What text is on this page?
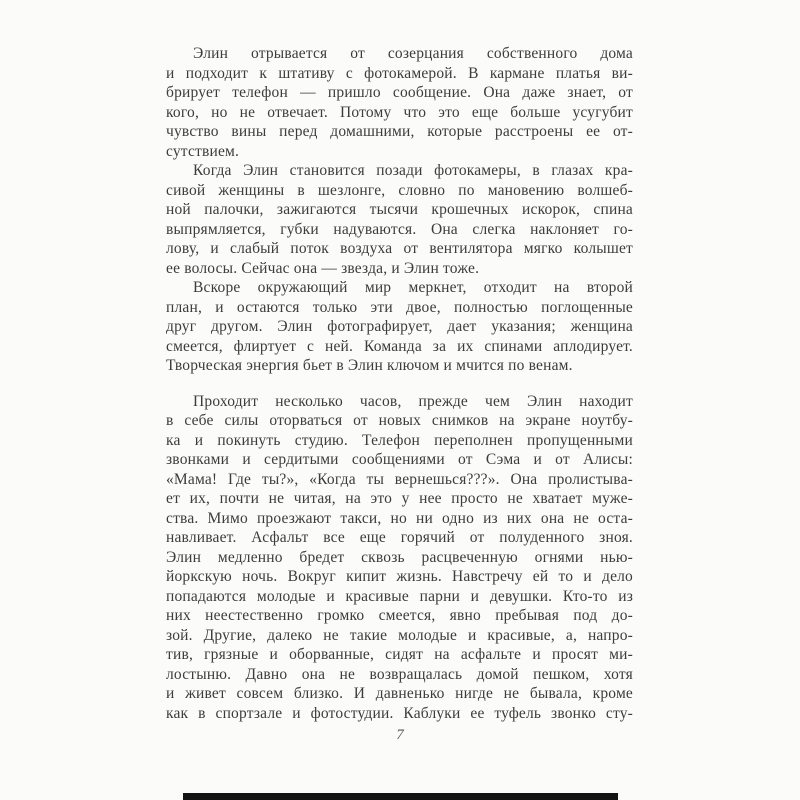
Элин отрывается от созерцания собственного дома
и подходит к штативу с фотокамерой. В кармане платья ви-
брирует телефон — пришло сообщение. Она даже знает, от
кого, но не отвечает. Потому что это еще больше усугубит
чувство вины перед домашними, которые расстроены ее от-
сутствием.
Когда Элин становится позади фотокамеры, в глазах кра-
сивой женщины в шезлонге, словно по мановению волшеб-
ной палочки, зажигаются тысячи крошечных искорок, спина
выпрямляется, губки надуваются. Она слегка наклоняет го-
лову, и слабый поток воздуха от вентилятора мягко колышет
ее волосы. Сейчас она — звезда, и Элин тоже.
Вскоре окружающий мир меркнет, отходит на второй
план, и остаются только эти двое, полностью поглощенные
друг другом. Элин фотографирует, дает указания; женщина
смеется, флиртует с ней. Команда за их спинами аплодирует.
Творческая энергия бьет в Элин ключом и мчится по венам.
Проходит несколько часов, прежде чем Элин находит
в себе силы оторваться от новых снимков на экране ноутбу-
ка и покинуть студию. Телефон переполнен пропущенными
звонками и сердитыми сообщениями от Сэма и от Алисы:
«Мама! Где ты?», «Когда ты вернешься???». Она пролистыва-
ет их, почти не читая, на это у нее просто не хватает муже-
ства. Мимо проезжают такси, но ни одно из них она не оста-
навливает. Асфальт все еще горячий от полуденного зноя.
Элин медленно бредет сквозь расцвеченную огнями нью-
йоркскую ночь. Вокруг кипит жизнь. Навстречу ей то и дело
попадаются молодые и красивые парни и девушки. Кто-то из
них неестественно громко смеется, явно пребывая под до-
зой. Другие, далеко не такие молодые и красивые, а, напро-
тив, грязные и оборванные, сидят на асфальте и просят ми-
лостыню. Давно она не возвращалась домой пешком, хотя
и живет совсем близко. И давненько нигде не бывала, кроме
как в спортзале и фотостудии. Каблуки ее туфель звонко сту-
7
